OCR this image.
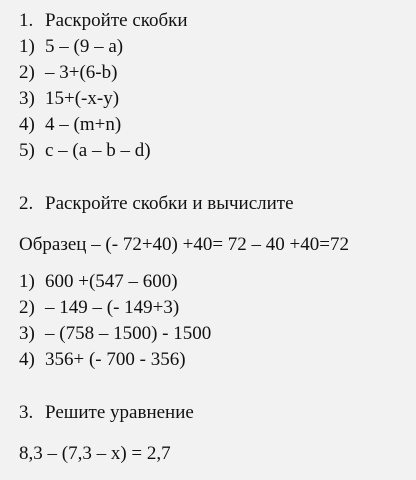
1. Раскройте скобки
1) 5 – (9 – a)
2) – 3+(6-b)
3) 15+(-x-y)
4) 4 – (m+n)
5) c – (a – b – d)
2. Раскройте скобки и вычислите
Образец – (- 72+40) +40= 72 – 40 +40=72
1) 600 +(547 – 600)
2) – 149 – (- 149+3)
3) – (758 – 1500) - 1500
4) 356+ (- 700 - 356)
3. Решите уравнение
8,3 – (7,3 – x) = 2,7
